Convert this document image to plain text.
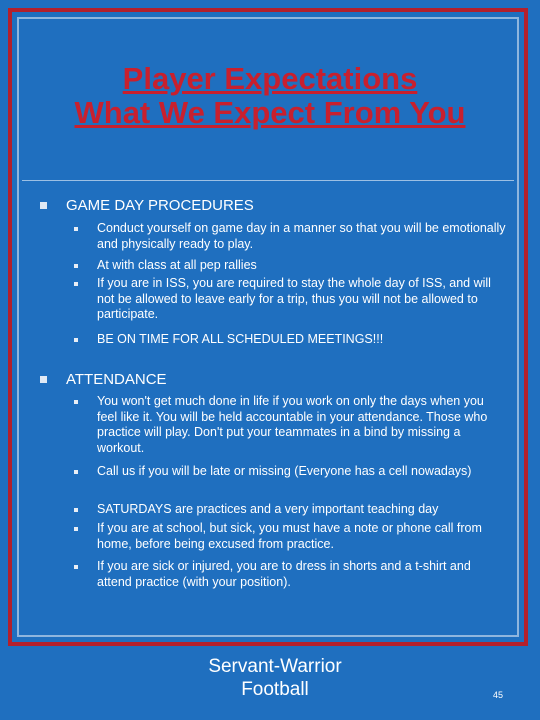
Player Expectations
What We Expect From You
GAME DAY PROCEDURES
Conduct yourself on game day in a manner so that you will be emotionally and physically ready to play.
At with class at all pep rallies
If you are in ISS, you are required to stay the whole day of ISS, and will not be allowed to leave early for a trip, thus you will not be allowed to participate.
BE ON TIME FOR ALL SCHEDULED MEETINGS!!!
ATTENDANCE
You won't get much done in life if you work on only the days when you feel like it. You will be held accountable in your attendance. Those who practice will play. Don't put your teammates in a bind by missing a workout.
Call us if you will be late or missing (Everyone has a cell nowadays)
SATURDAYS are practices and a very important teaching day
If you are at school, but sick, you must have a note or phone call from home, before being excused from practice.
If you are sick or injured, you are to dress in shorts and a t-shirt and attend practice (with your position).
Servant-Warrior
Football	45
